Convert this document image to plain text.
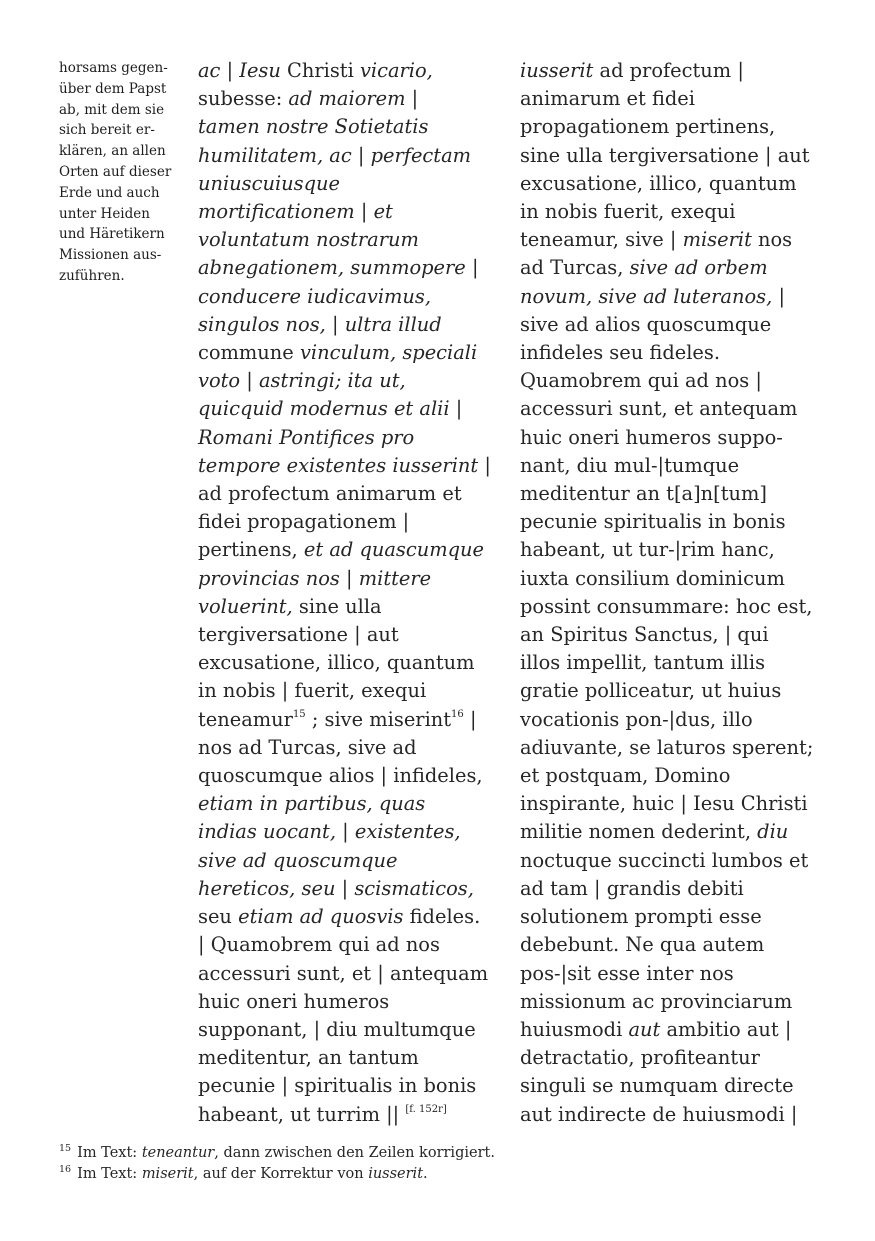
horsams gegen-
über dem Papst
ab, mit dem sie
sich bereit er-
klären, an allen
Orten auf dieser
Erde und auch
unter Heiden
und Häretikern
Missionen aus-
zuführen.
ac | Iesu Christi vicario,
subesse: ad maiorem |
tamen nostre Sotietatis
humilitatem, ac | perfectam
uniuscuiusque
mortificationem | et
voluntatum nostrarum
abnegationem, summopere |
conducere iudicavimus,
singulos nos, | ultra illud
commune vinculum, speciali
voto | astringi; ita ut,
quicquid modernus et alii |
Romani Pontifices pro
tempore existentes iusserint |
ad profectum animarum et
fidei propagationem |
pertinens, et ad quascumque
provincias nos | mittere
voluerint, sine ulla
tergiversatione | aut
excusatione, illico, quantum
in nobis | fuerit, exequi
teneamur$^{15}$ ; sive miserint$^{16}$ |
nos ad Turcas, sive ad
quoscumque alios | infideles,
etiam in partibus, quas
indias uocant, | existentes,
sive ad quoscumque
hereticos, seu | scismaticos,
seu etiam ad quosvis fideles.
| Quamobrem qui ad nos
accessuri sunt, et | antequam
huic oneri humeros
supponant, | diu multumque
meditentur, an tantum
pecunie | spiritualis in bonis
habeant, ut turrim || [f. 152r]
iusserit ad profectum |
animarum et fidei
propagationem pertinens,
sine ulla tergiversatione | aut
excusatione, illico, quantum
in nobis fuerit, exequi
teneamur, sive | miserit nos
ad Turcas, sive ad orbem
novum, sive ad luteranos, |
sive ad alios quoscumque
infideles seu fideles.
Quamobrem qui ad nos |
accessuri sunt, et antequam
huic oneri humeros suppo-
nant, diu mul-|tumque
meditentur an t[a]n[tum]
pecunie spiritualis in bonis
habeant, ut tur-|rim hanc,
iuxta consilium dominicum
possint consummare: hoc est,
an Spiritus Sanctus, | qui
illos impellit, tantum illis
gratie polliceatur, ut huius
vocationis pon-|dus, illo
adiuvante, se laturos sperent;
et postquam, Domino
inspirante, huic | Iesu Christi
militie nomen dederint, diu
noctuque succincti lumbos et
ad tam | grandis debiti
solutionem prompti esse
debebunt. Ne qua autem
pos-|sit esse inter nos
missionum ac provinciarum
huiusmodi aut ambitio aut |
detractatio, profiteantur
singuli se numquam directe
aut indirecte de huiusmodi |
$^{15}$ Im Text: teneantur, dann zwischen den Zeilen korrigiert.
$^{16}$ Im Text: miserit, auf der Korrektur von iusserit.
